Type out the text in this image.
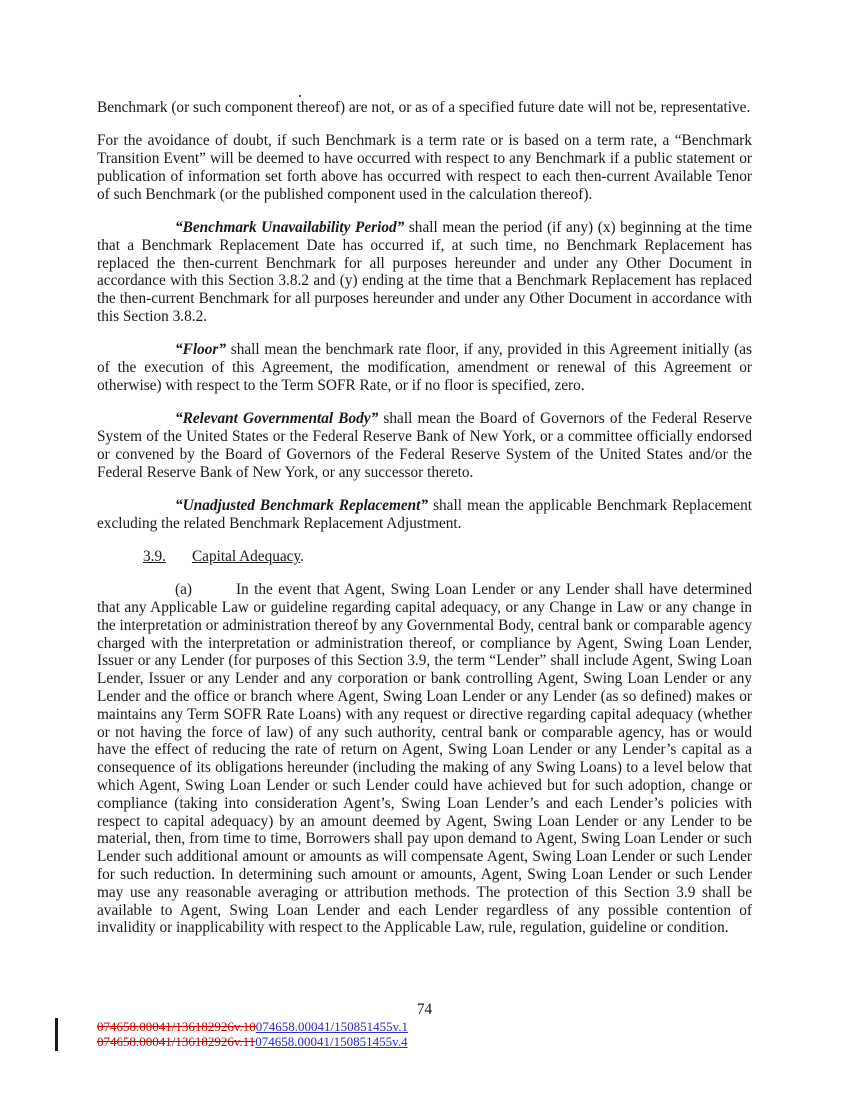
Benchmark (or such component thereof) are not, or as of a specified future date will not be, representative.

For the avoidance of doubt, if such Benchmark is a term rate or is based on a term rate, a “Benchmark Transition Event” will be deemed to have occurred with respect to any Benchmark if a public statement or publication of information set forth above has occurred with respect to each then-current Available Tenor of such Benchmark (or the published component used in the calculation thereof).

“Benchmark Unavailability Period” shall mean the period (if any) (x) beginning at the time that a Benchmark Replacement Date has occurred if, at such time, no Benchmark Replacement has replaced the then-current Benchmark for all purposes hereunder and under any Other Document in accordance with this Section 3.8.2 and (y) ending at the time that a Benchmark Replacement has replaced the then-current Benchmark for all purposes hereunder and under any Other Document in accordance with this Section 3.8.2.

“Floor” shall mean the benchmark rate floor, if any, provided in this Agreement initially (as of the execution of this Agreement, the modification, amendment or renewal of this Agreement or otherwise) with respect to the Term SOFR Rate, or if no floor is specified, zero.

“Relevant Governmental Body” shall mean the Board of Governors of the Federal Reserve System of the United States or the Federal Reserve Bank of New York, or a committee officially endorsed or convened by the Board of Governors of the Federal Reserve System of the United States and/or the Federal Reserve Bank of New York, or any successor thereto.

“Unadjusted Benchmark Replacement” shall mean the applicable Benchmark Replacement excluding the related Benchmark Replacement Adjustment.

3.9. Capital Adequacy.

(a)	In the event that Agent, Swing Loan Lender or any Lender shall have determined that any Applicable Law or guideline regarding capital adequacy, or any Change in Law or any change in the interpretation or administration thereof by any Governmental Body, central bank or comparable agency charged with the interpretation or administration thereof, or compliance by Agent, Swing Loan Lender, Issuer or any Lender (for purposes of this Section 3.9, the term “Lender” shall include Agent, Swing Loan Lender, Issuer or any Lender and any corporation or bank controlling Agent, Swing Loan Lender or any Lender and the office or branch where Agent, Swing Loan Lender or any Lender (as so defined) makes or maintains any Term SOFR Rate Loans) with any request or directive regarding capital adequacy (whether or not having the force of law) of any such authority, central bank or comparable agency, has or would have the effect of reducing the rate of return on Agent, Swing Loan Lender or any Lender’s capital as a consequence of its obligations hereunder (including the making of any Swing Loans) to a level below that which Agent, Swing Loan Lender or such Lender could have achieved but for such adoption, change or compliance (taking into consideration Agent’s, Swing Loan Lender’s and each Lender’s policies with respect to capital adequacy) by an amount deemed by Agent, Swing Loan Lender or any Lender to be material, then, from time to time, Borrowers shall pay upon demand to Agent, Swing Loan Lender or such Lender such additional amount or amounts as will compensate Agent, Swing Loan Lender or such Lender for such reduction. In determining such amount or amounts, Agent, Swing Loan Lender or such Lender may use any reasonable averaging or attribution methods. The protection of this Section 3.9 shall be available to Agent, Swing Loan Lender and each Lender regardless of any possible contention of invalidity or inapplicability with respect to the Applicable Law, rule, regulation, guideline or condition.

74
074658.00041/136182926v.10074658.00041/150851455v.1
074658.00041/136182926v.11074658.00041/150851455v.4
